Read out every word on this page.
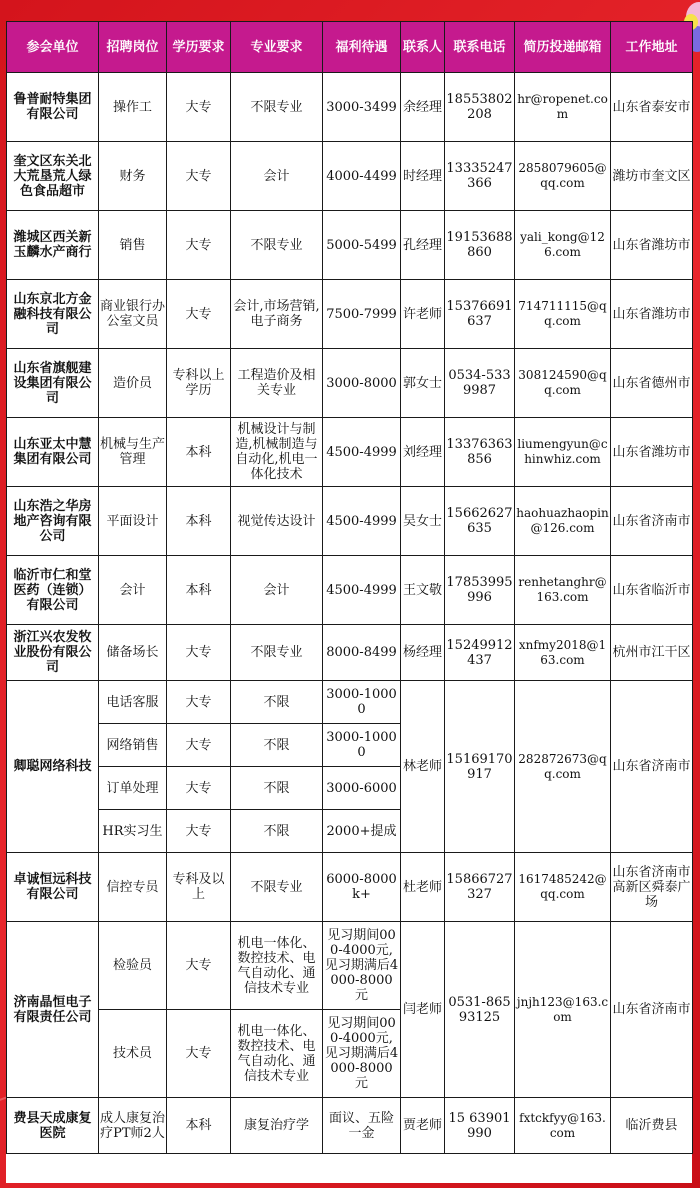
参会单位	招聘岗位	学历要求	专业要求	福利待遇	联系人	联系电话	简历投递邮箱	工作地址
鲁普耐特集团有限公司	操作工	大专	不限专业	3000-3499	余经理	18553802208	hr@ropenet.com	山东省泰安市
奎文区东关北大荒垦荒人绿色食品超市	财务	大专	会计	4000-4499	时经理	13335247366	2858079605@qq.com	潍坊市奎文区
潍城区西关新玉麟水产商行	销售	大专	不限专业	5000-5499	孔经理	19153688860	yali_kong@126.com	山东省潍坊市
山东京北方金融科技有限公司	商业银行办公室文员	大专	会计,市场营销,电子商务	7500-7999	许老师	15376691637	714711115@qq.com	山东省潍坊市
山东省旗舰建设集团有限公司	造价员	专科以上学历	工程造价及相关专业	3000-8000	郭女士	0534-5339987	308124590@qq.com	山东省德州市
山东亚太中慧集团有限公司	机械与生产管理	本科	机械设计与制造,机械制造与自动化,机电一体化技术	4500-4999	刘经理	13376363856	liumengyun@chinwhiz.com	山东省潍坊市
山东浩之华房地产咨询有限公司	平面设计	本科	视觉传达设计	4500-4999	吴女士	15662627635	haohuazhaopin@126.com	山东省济南市
临沂市仁和堂医药（连锁）有限公司	会计	本科	会计	4500-4999	王文敬	17853995996	renhetanghr@163.com	山东省临沂市
浙江兴农发牧业股份有限公司	储备场长	大专	不限专业	8000-8499	杨经理	15249912437	xnfmy2018@163.com	杭州市江干区
卿聪网络科技	电话客服	大专	不限	3000-10000	林老师	15169170917	282872673@qq.com	山东省济南市
	网络销售	大专	不限	3000-10000				
	订单处理	大专	不限	3000-6000				
	HR实习生	大专	不限	2000+提成				
卓诚恒远科技有限公司	信控专员	专科及以上	不限专业	6000-8000k+	杜老师	15866727327	1617485242@qq.com	山东省济南市高新区舜泰广场
济南晶恒电子有限责任公司	检验员	大专	机电一体化、数控技术、电气自动化、通信技术专业	见习期间000-4000元,见习期满后4000-8000元	闫老师	0531-86593125	jnjh123@163.com	山东省济南市
	技术员	大专	机电一体化、数控技术、电气自动化、通信技术专业	见习期间000-4000元,见习期满后4000-8000元				
费县天成康复医院	成人康复治疗PT师2人	本科	康复治疗学	面议、五险一金	贾老师	15 63901990	fxtckfyy@163.com	临沂费县
